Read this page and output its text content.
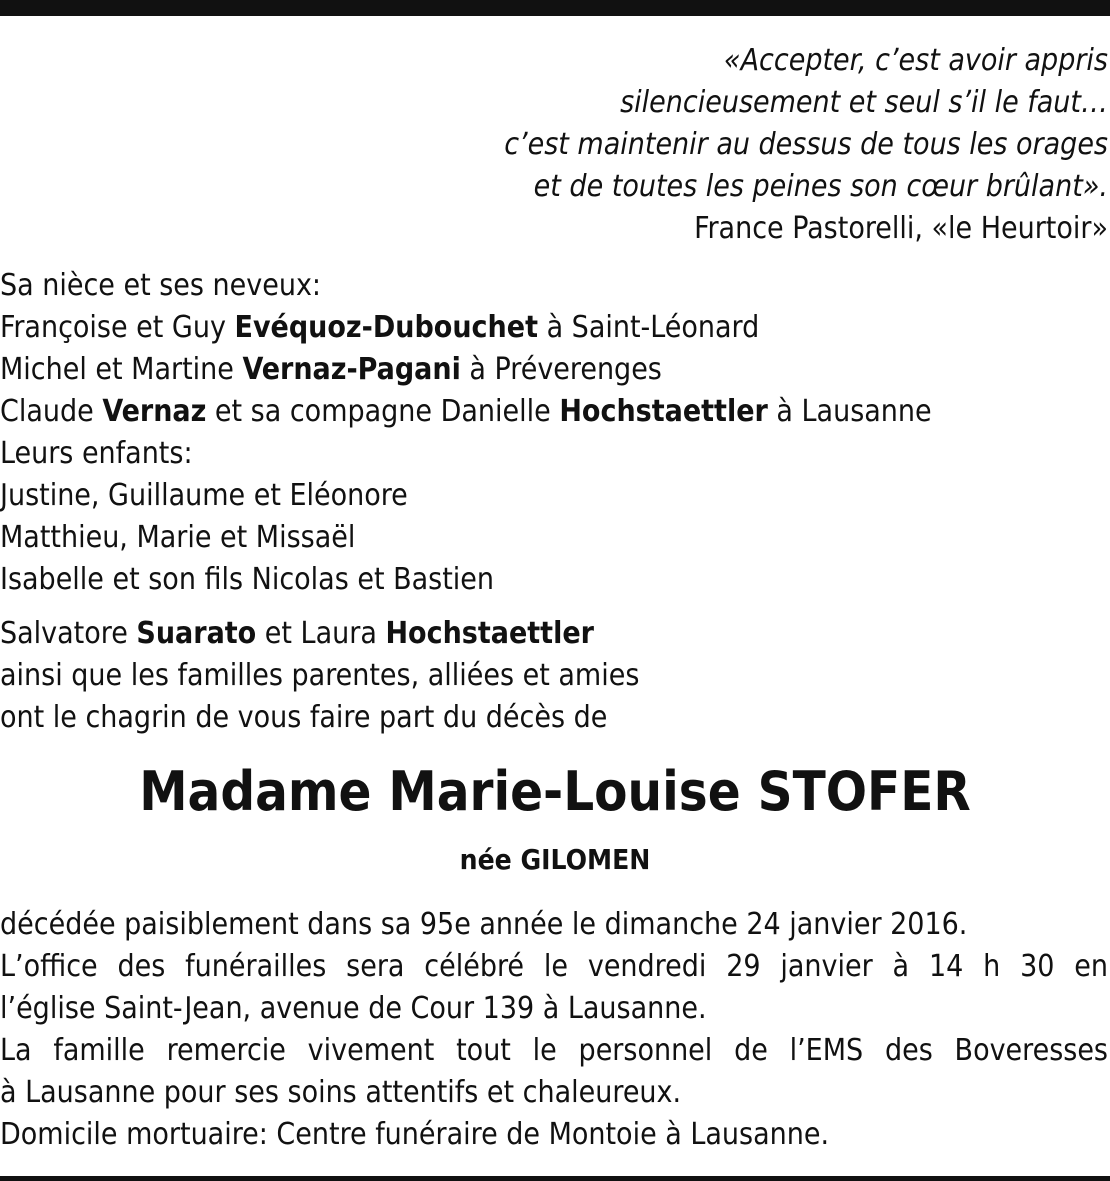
«Accepter, c’est avoir appris
silencieusement et seul s’il le faut…
c’est maintenir au dessus de tous les orages
et de toutes les peines son cœur brûlant».
France Pastorelli, «le Heurtoir»
Sa nièce et ses neveux:
Françoise et Guy Evéquoz-Dubouchet à Saint-Léonard
Michel et Martine Vernaz-Pagani à Préverenges
Claude Vernaz et sa compagne Danielle Hochstaettler à Lausanne
Leurs enfants:
Justine, Guillaume et Eléonore
Matthieu, Marie et Missaël
Isabelle et son fils Nicolas et Bastien
Salvatore Suarato et Laura Hochstaettler
ainsi que les familles parentes, alliées et amies
ont le chagrin de vous faire part du décès de
Madame Marie-Louise STOFER
née GILOMEN
décédée paisiblement dans sa 95e année le dimanche 24 janvier 2016.
L’office des funérailles sera célébré le vendredi 29 janvier à 14 h 30 en
l’église Saint-Jean, avenue de Cour 139 à Lausanne.
La famille remercie vivement tout le personnel de l’EMS des Boveresses
à Lausanne pour ses soins attentifs et chaleureux.
Domicile mortuaire: Centre funéraire de Montoie à Lausanne.
